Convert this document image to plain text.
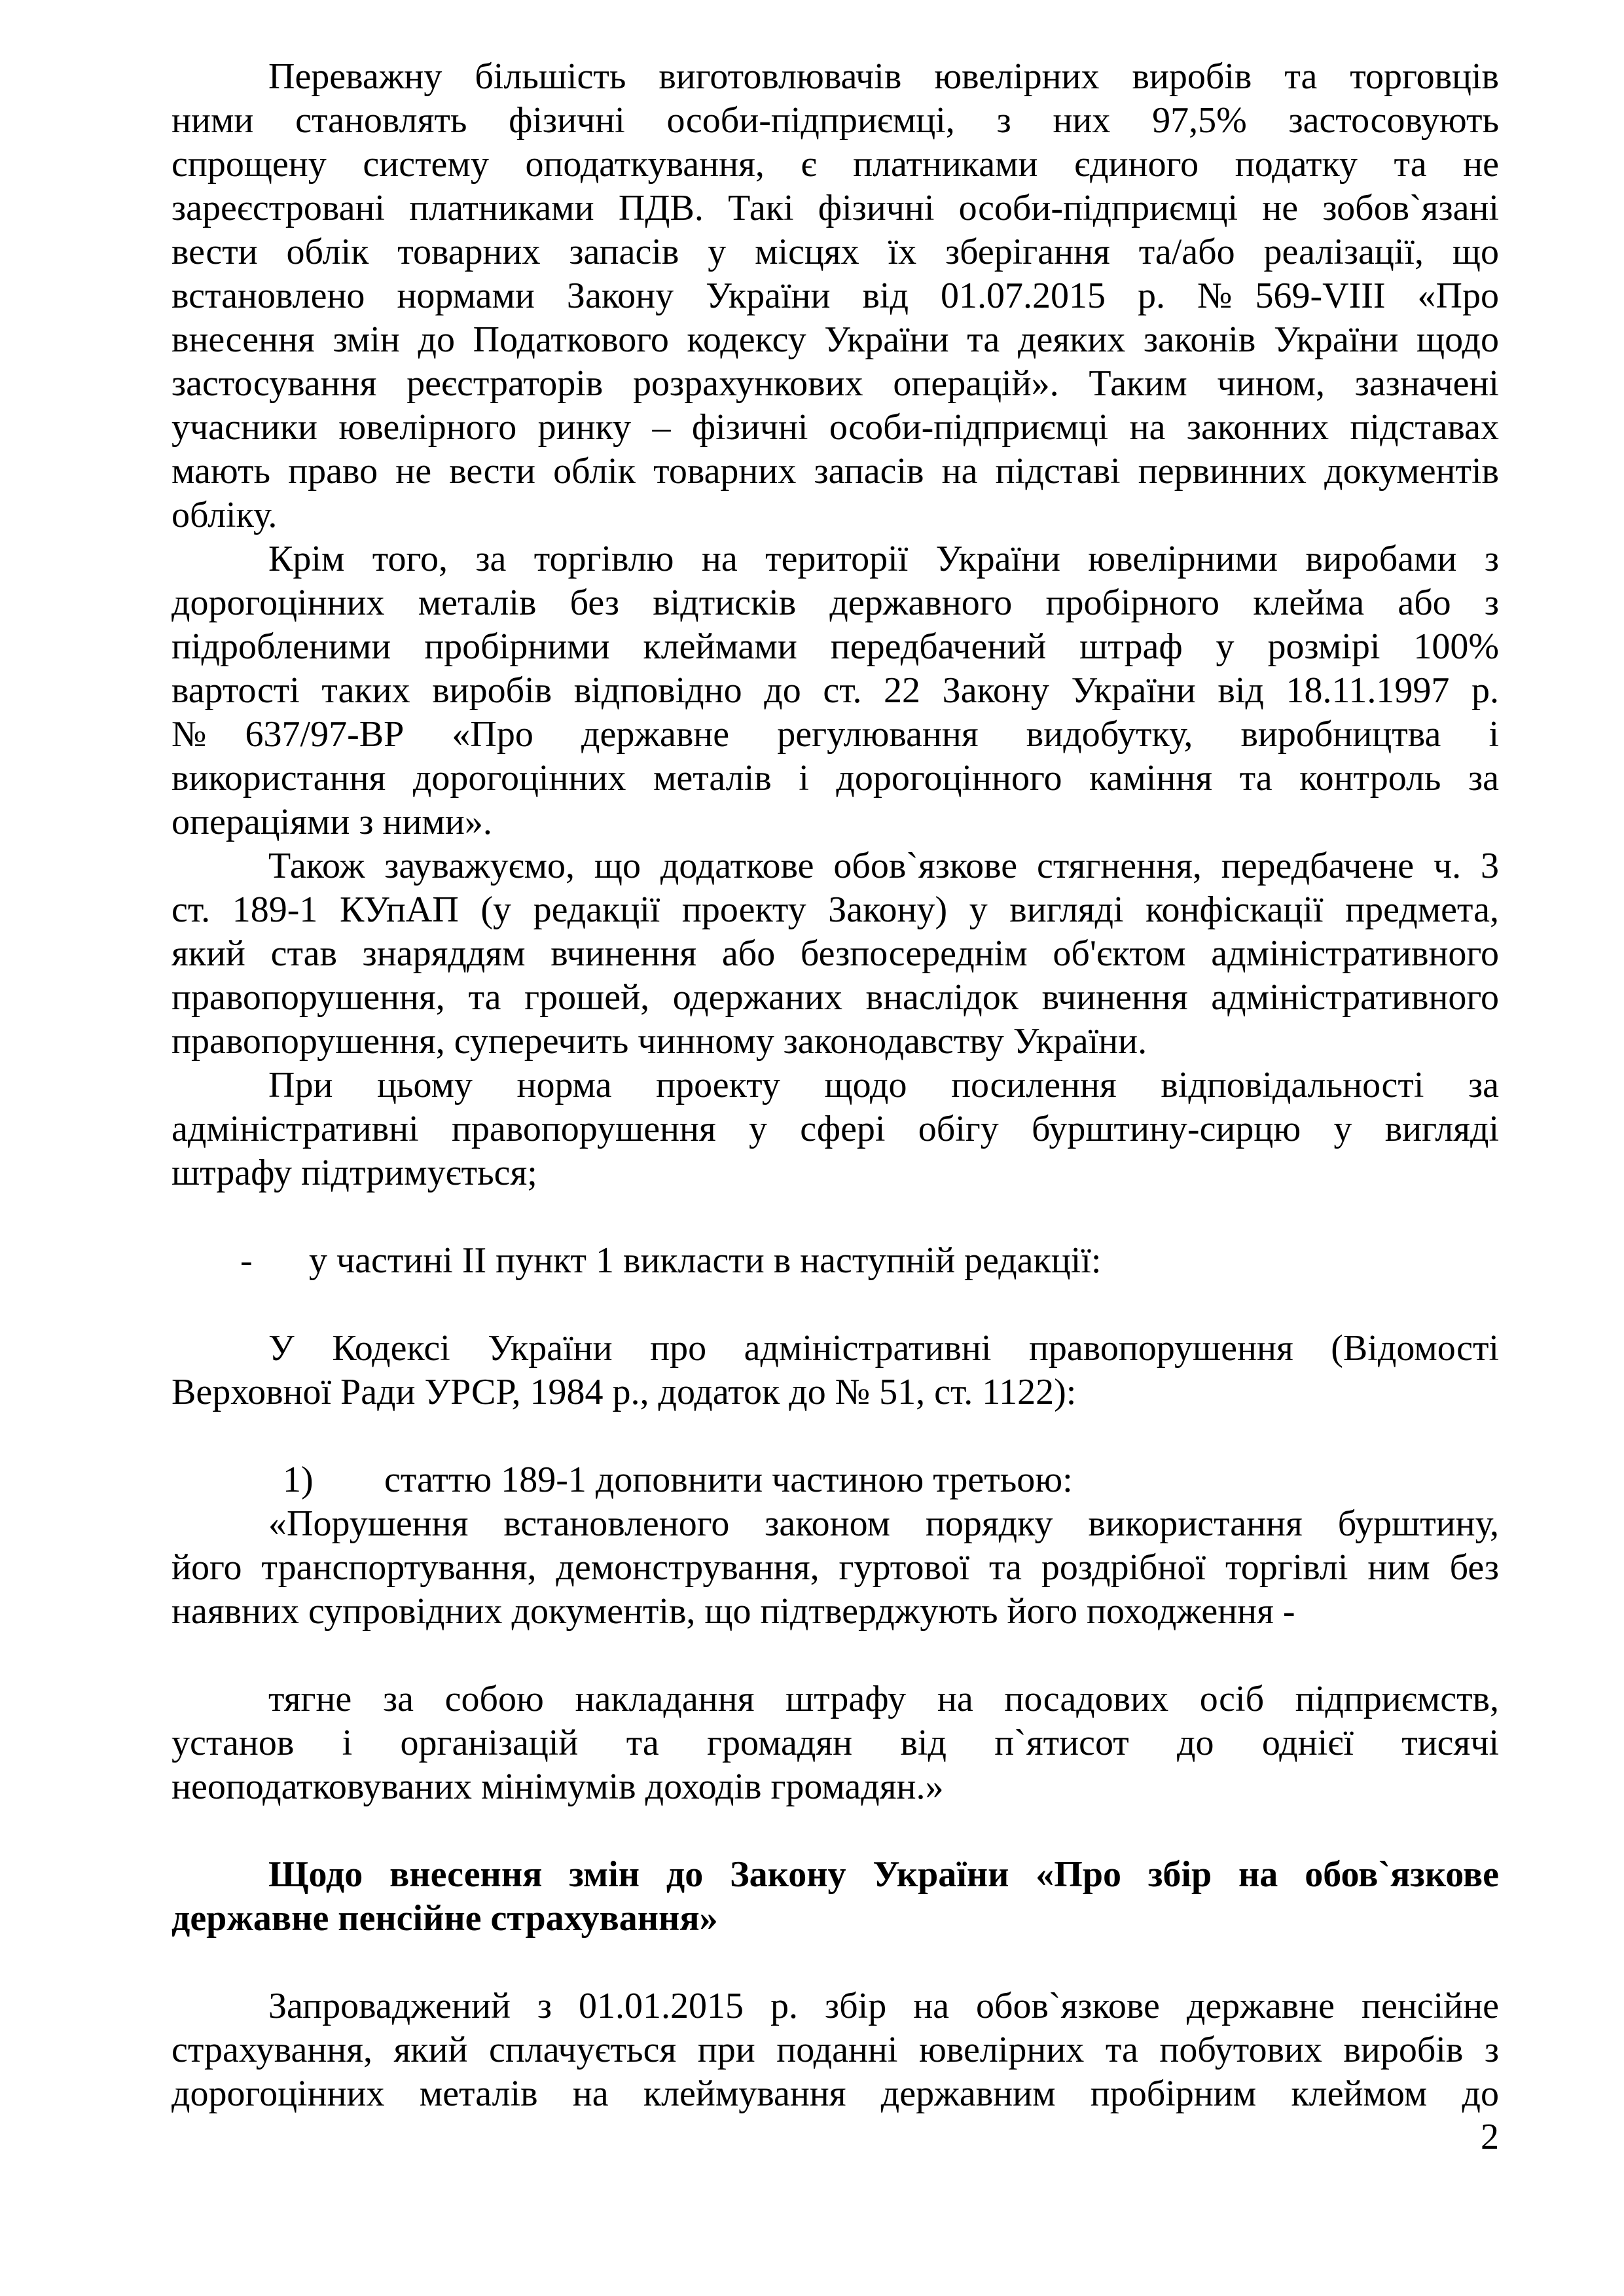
Переважну більшість виготовлювачів ювелірних виробів та торговців
ними становлять фізичні особи-підприємці, з них 97,5% застосовують
спрощену систему оподаткування, є платниками єдиного податку та не
зареєстровані платниками ПДВ. Такі фізичні особи-підприємці не зобов`язані
вести облік товарних запасів у місцях їх зберігання та/або реалізації, що
встановлено нормами Закону України від 01.07.2015 р. №569-VIII «Про
внесення змін до Податкового кодексу України та деяких законів України щодо
застосування реєстраторів розрахункових операцій». Таким чином, зазначені
учасники ювелірного ринку – фізичні особи-підприємці на законних підставах
мають право не вести облік товарних запасів на підставі первинних документів
обліку.
Крім того, за торгівлю на території України ювелірними виробами з
дорогоцінних металів без відтисків державного пробірного клейма або з
підробленими пробірними клеймами передбачений штраф у розмірі 100%
вартості таких виробів відповідно до ст. 22 Закону України від 18.11.1997 р.
№637/97-ВР «Про державне регулювання видобутку, виробництва і
використання дорогоцінних металів і дорогоцінного каміння та контроль за
операціями з ними».
Також зауважуємо, що додаткове обов`язкове стягнення, передбачене ч. 3
ст. 189-1 КУпАП (у редакції проекту Закону) у вигляді конфіскації предмета,
який став знаряддям вчинення або безпосереднім об'єктом адміністративного
правопорушення, та грошей, одержаних внаслідок вчинення адміністративного
правопорушення, суперечить чинному законодавству України.
При цьому норма проекту щодо посилення відповідальності за
адміністративні правопорушення у сфері обігу бурштину-сирцю у вигляді
штрафу підтримується;
- у частині II пункт 1 викласти в наступній редакції:
У Кодексі України про адміністративні правопорушення (Відомості
Верховної Ради УРСР, 1984 р., додаток до № 51, ст. 1122):
1) статтю 189-1 доповнити частиною третьою:
«Порушення встановленого законом порядку використання бурштину,
його транспортування, демонстрування, гуртової та роздрібної торгівлі ним без
наявних супровідних документів, що підтверджують його походження -
тягне за собою накладання штрафу на посадових осіб підприємств,
установ і організацій та громадян від п`ятисот до однієї тисячі
неоподатковуваних мінімумів доходів громадян.»
Щодо внесення змін до Закону України «Про збір на обов`язкове
державне пенсійне страхування»
Запроваджений з 01.01.2015 р. збір на обов`язкове державне пенсійне
страхування, який сплачується при поданні ювелірних та побутових виробів з
дорогоцінних металів на клеймування державним пробірним клеймом до
2
